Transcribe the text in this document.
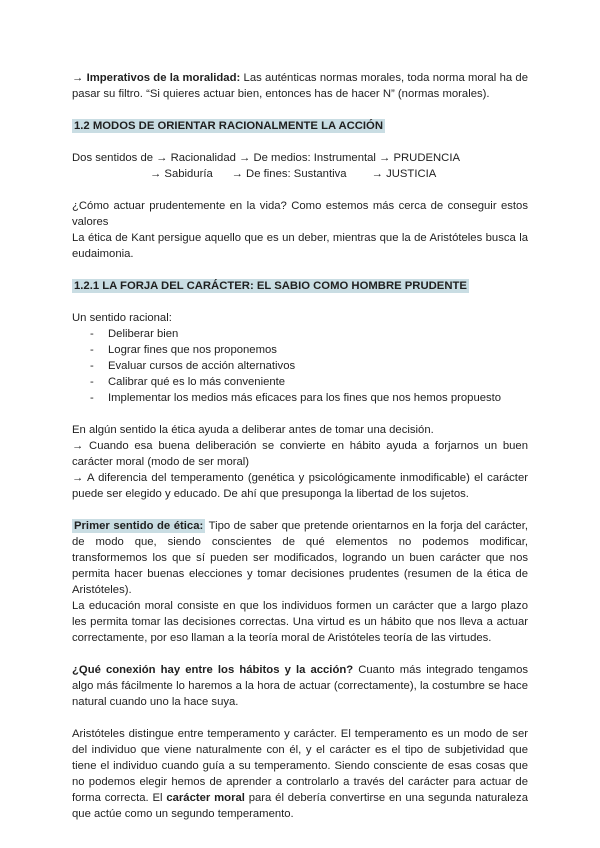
→ Imperativos de la moralidad: Las auténticas normas morales, toda norma moral ha de pasar su filtro. “Si quieres actuar bien, entonces has de hacer N” (normas morales).

1.2 MODOS DE ORIENTAR RACIONALMENTE LA ACCIÓN

Dos sentidos de → Racionalidad → De medios: Instrumental → PRUDENCIA

→ Sabiduría      → De fines: Sustantiva        → JUSTICIA

¿Cómo actuar prudentemente en la vida? Como estemos más cerca de conseguir estos valores

La ética de Kant persigue aquello que es un deber, mientras que la de Aristóteles busca la eudaimonia.

1.2.1 LA FORJA DEL CARÁCTER: EL SABIO COMO HOMBRE PRUDENTE

Un sentido racional:

- Deliberar bien
- Lograr fines que nos proponemos
- Evaluar cursos de acción alternativos
- Calibrar qué es lo más conveniente
- Implementar los medios más eficaces para los fines que nos hemos propuesto

En algún sentido la ética ayuda a deliberar antes de tomar una decisión.

→ Cuando esa buena deliberación se convierte en hábito ayuda a forjarnos un buen carácter moral (modo de ser moral)

→ A diferencia del temperamento (genética y psicológicamente inmodificable) el carácter puede ser elegido y educado. De ahí que presuponga la libertad de los sujetos.

Primer sentido de ética: Tipo de saber que pretende orientarnos en la forja del carácter, de modo que, siendo conscientes de qué elementos no podemos modificar, transformemos los que sí pueden ser modificados, logrando un buen carácter que nos permita hacer buenas elecciones y tomar decisiones prudentes (resumen de la ética de Aristóteles).

La educación moral consiste en que los individuos formen un carácter que a largo plazo les permita tomar las decisiones correctas. Una virtud es un hábito que nos lleva a actuar correctamente, por eso llaman a la teoría moral de Aristóteles teoría de las virtudes.

¿Qué conexión hay entre los hábitos y la acción? Cuanto más integrado tengamos algo más fácilmente lo haremos a la hora de actuar (correctamente), la costumbre se hace natural cuando uno la hace suya.

Aristóteles distingue entre temperamento y carácter. El temperamento es un modo de ser del individuo que viene naturalmente con él, y el carácter es el tipo de subjetividad que tiene el individuo cuando guía a su temperamento. Siendo consciente de esas cosas que no podemos elegir hemos de aprender a controlarlo a través del carácter para actuar de forma correcta. El carácter moral para él debería convertirse en una segunda naturaleza que actúe como un segundo temperamento.
